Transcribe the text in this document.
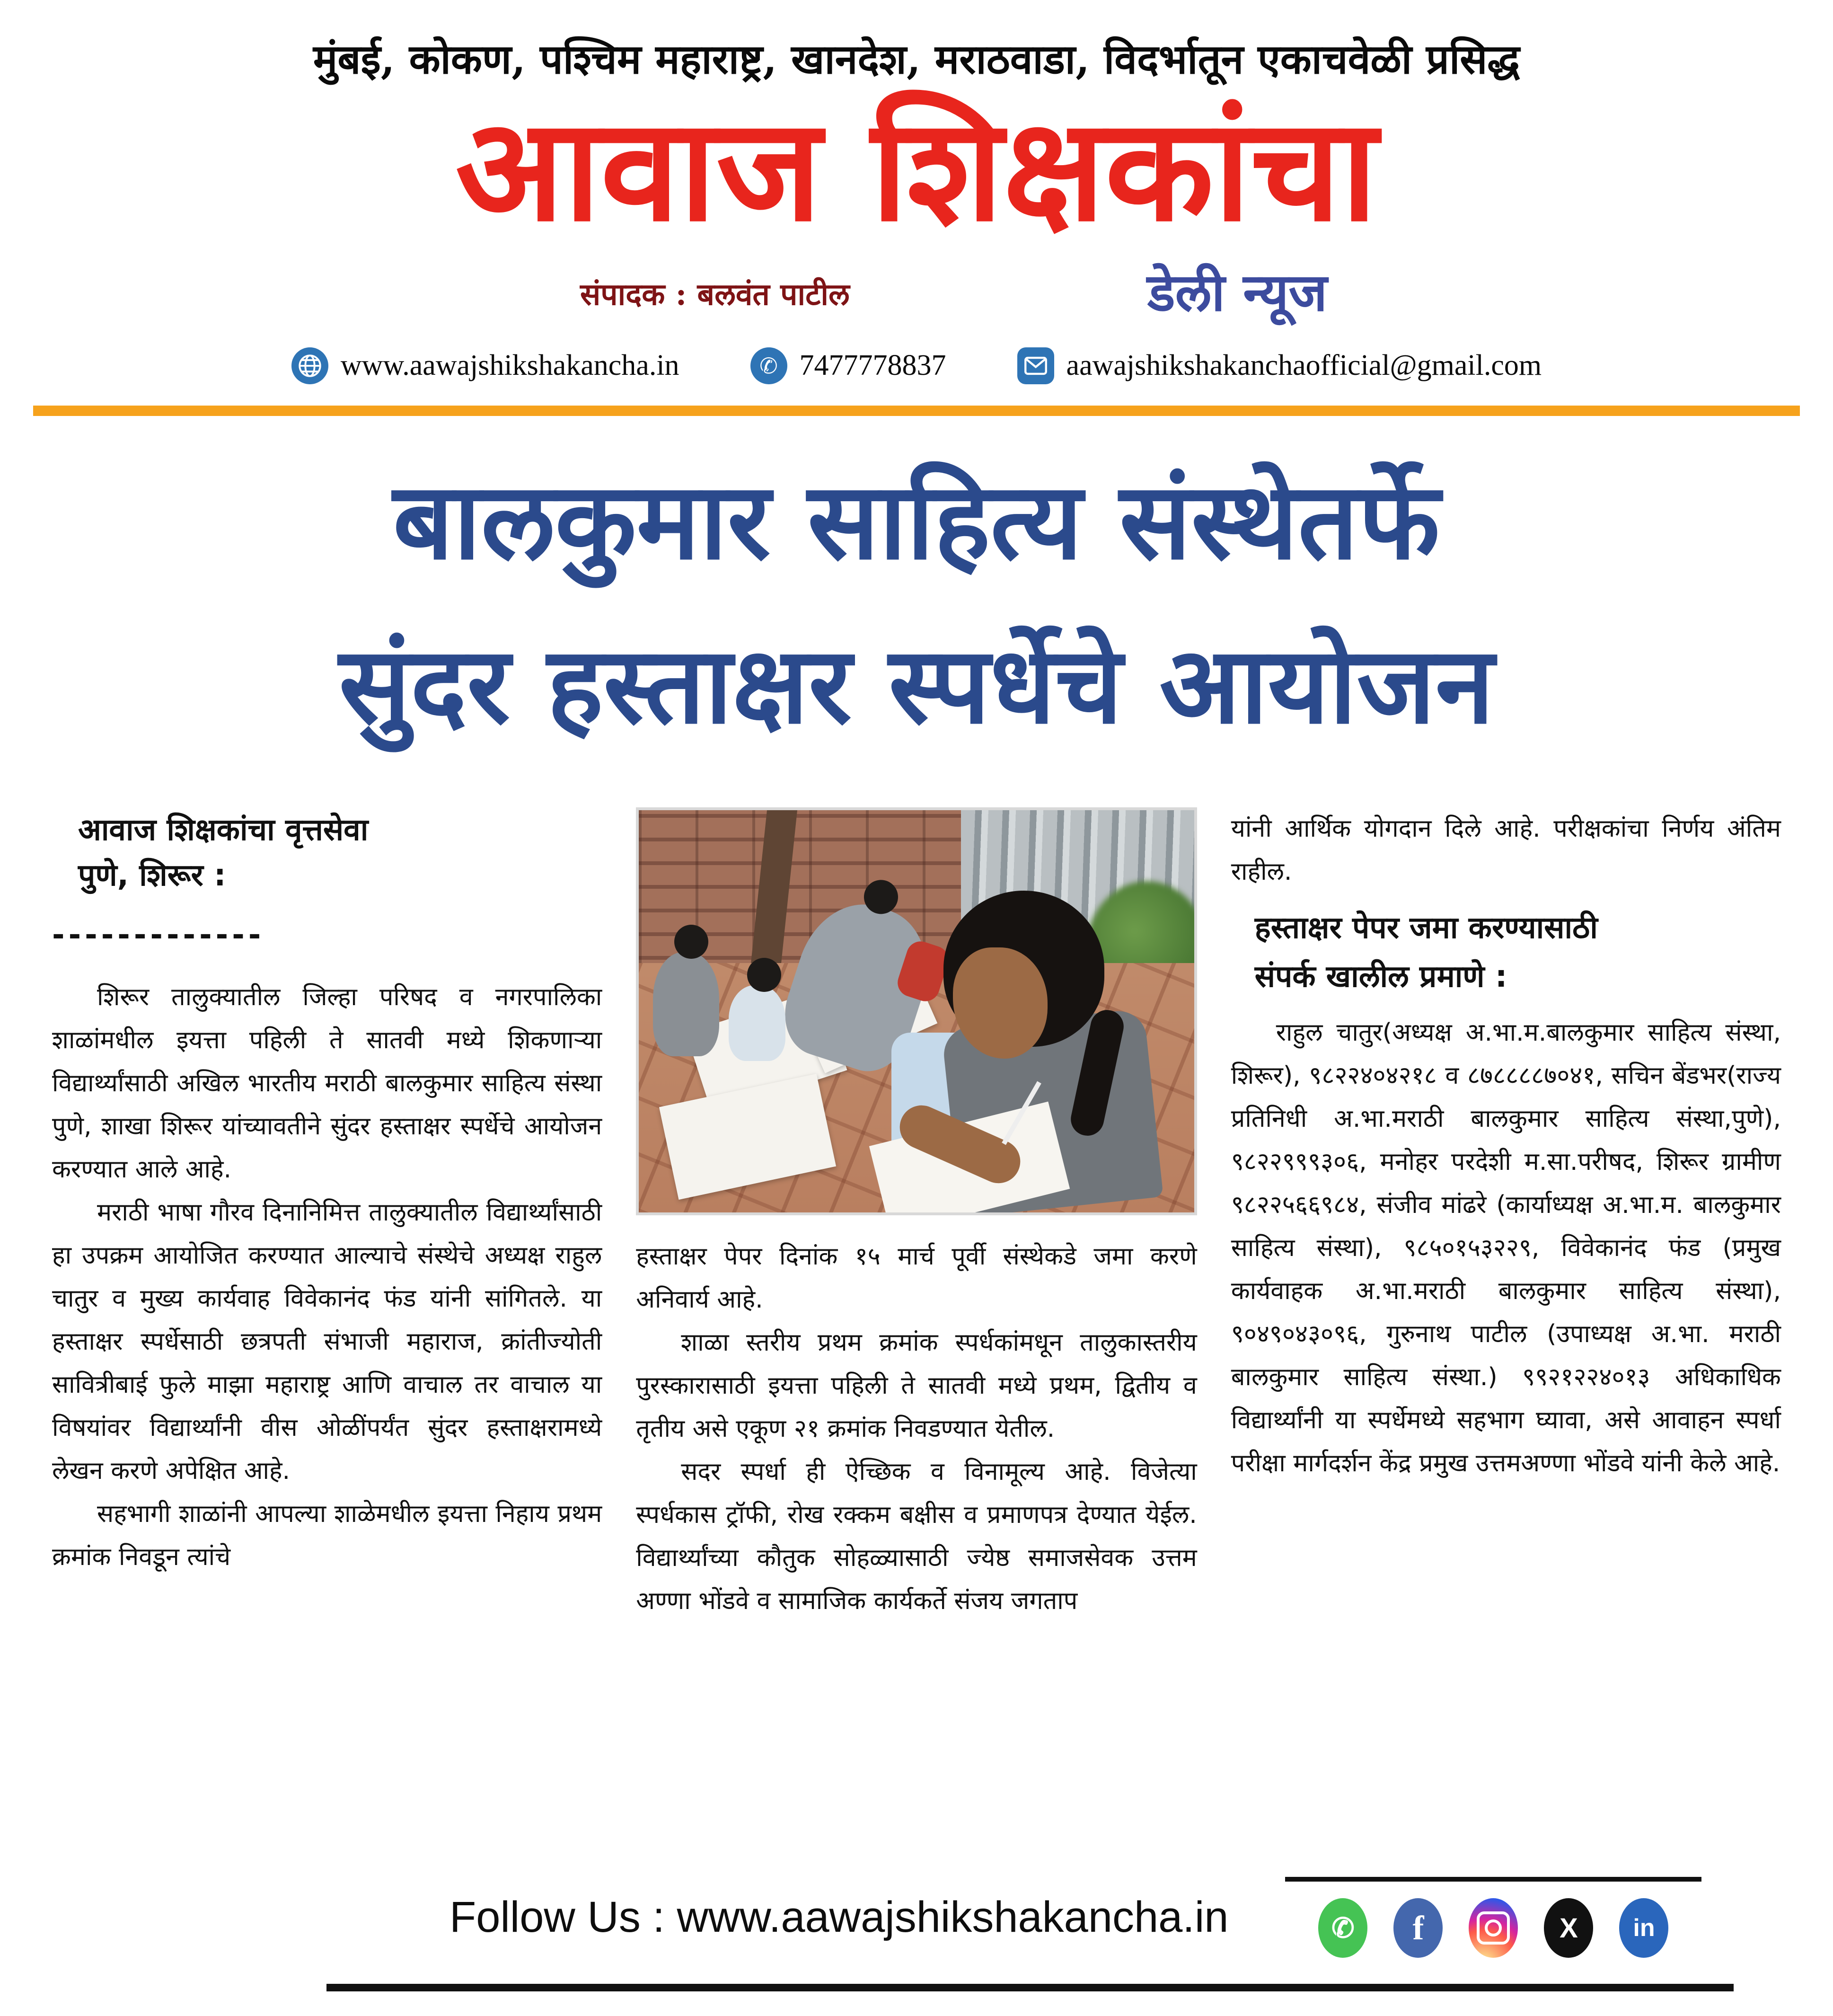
मुंबई, कोकण, पश्चिम महाराष्ट्र, खानदेश, मराठवाडा, विदर्भातून एकाचवेळी प्रसिद्ध
आवाज शिक्षकांचा
संपादक : बलवंत पाटील	डेली न्यूज
www.aawajshikshakancha.in	✆ 7477778837	aawajshikshakanchaofficial@gmail.com
बालकुमार साहित्य संस्थेतर्फे
सुंदर हस्ताक्षर स्पर्धेचे आयोजन

आवाज शिक्षकांचा वृत्तसेवा

पुणे, शिरूर :

-------------

शिरूर तालुक्यातील जिल्हा परिषद व नगरपालिका शाळांमधील इयत्ता पहिली ते सातवी मध्ये शिकणाऱ्या विद्यार्थ्यांसाठी अखिल भारतीय मराठी बालकुमार साहित्य संस्था पुणे, शाखा शिरूर यांच्यावतीने सुंदर हस्ताक्षर स्पर्धेचे आयोजन करण्यात आले आहे.

मराठी भाषा गौरव दिनानिमित्त तालुक्यातील विद्यार्थ्यांसाठी हा उपक्रम आयोजित करण्यात आल्याचे संस्थेचे अध्यक्ष राहुल चातुर व मुख्य कार्यवाह विवेकानंद फंड यांनी सांगितले. या हस्ताक्षर स्पर्धेसाठी छत्रपती संभाजी महाराज, क्रांतीज्योती सावित्रीबाई फुले माझा महाराष्ट्र आणि वाचाल तर वाचाल या विषयांवर विद्यार्थ्यांनी वीस ओळींपर्यंत सुंदर हस्ताक्षरामध्ये लेखन करणे अपेक्षित आहे.

सहभागी शाळांनी आपल्या शाळेमधील इयत्ता निहाय प्रथम क्रमांक निवडून त्यांचे

हस्ताक्षर पेपर दिनांक १५ मार्च पूर्वी संस्थेकडे जमा करणे अनिवार्य आहे.

शाळा स्तरीय प्रथम क्रमांक स्पर्धकांमधून तालुकास्तरीय पुरस्कारासाठी इयत्ता पहिली ते सातवी मध्ये प्रथम, द्वितीय व तृतीय असे एकूण २१ क्रमांक निवडण्यात येतील.

सदर स्पर्धा ही ऐच्छिक व विनामूल्य आहे. विजेत्या स्पर्धकास ट्रॉफी, रोख रक्कम बक्षीस व प्रमाणपत्र देण्यात येईल. विद्यार्थ्यांच्या कौतुक सोहळ्यासाठी ज्येष्ठ समाजसेवक उत्तम अण्णा भोंडवे व सामाजिक कार्यकर्ते संजय जगताप

यांनी आर्थिक योगदान दिले आहे. परीक्षकांचा निर्णय अंतिम राहील.

हस्ताक्षर पेपर जमा करण्यासाठी
संपर्क खालील प्रमाणे :

राहुल चातुर(अध्यक्ष अ.भा.म.बालकुमार साहित्य संस्था, शिरूर), ९८२२४०४२१८ व ८७८८८८७०४१, सचिन बेंडभर(राज्य प्रतिनिधी अ.भा.मराठी बालकुमार साहित्य संस्था,पुणे), ९८२२९९९३०६, मनोहर परदेशी म.सा.परीषद, शिरूर ग्रामीण ९८२२५६६९८४, संजीव मांढरे (कार्याध्यक्ष अ.भा.म. बालकुमार साहित्य संस्था), ९८५०१५३२२९, विवेकानंद फंड (प्रमुख कार्यवाहक अ.भा.मराठी बालकुमार साहित्य संस्था), ९०४९०४३०९६, गुरुनाथ पाटील (उपाध्यक्ष अ.भा. मराठी बालकुमार साहित्य संस्था.) ९९२१२२४०१३ अधिकाधिक विद्यार्थ्यांनी या स्पर्धेमध्ये सहभाग घ्यावा, असे आवाहन स्पर्धा परीक्षा मार्गदर्शन केंद्र प्रमुख उत्तमअण्णा भोंडवे यांनी केले आहे.

Follow Us : www.aawajshikshakancha.in	✆	f	X	in
